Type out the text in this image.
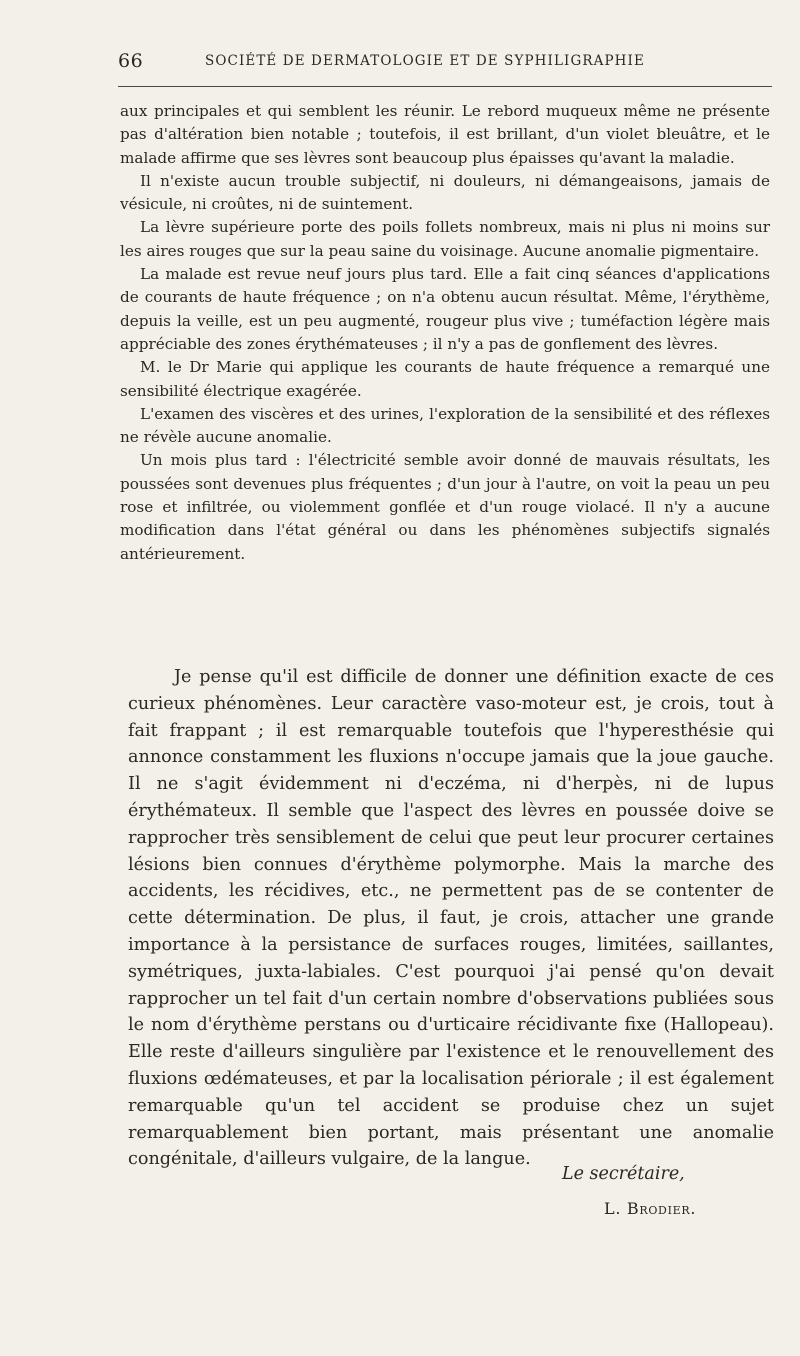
66	SOCIÉTÉ DE DERMATOLOGIE ET DE SYPHILIGRAPHIE

aux principales et qui semblent les réunir. Le rebord muqueux même ne présente pas d'altération bien notable ; toutefois, il est brillant, d'un violet bleuâtre, et le malade affirme que ses lèvres sont beaucoup plus épaisses qu'avant la maladie.

Il n'existe aucun trouble subjectif, ni douleurs, ni démangeaisons, jamais de vésicule, ni croûtes, ni de suintement.

La lèvre supérieure porte des poils follets nombreux, mais ni plus ni moins sur les aires rouges que sur la peau saine du voisinage. Aucune anomalie pigmentaire.

La malade est revue neuf jours plus tard. Elle a fait cinq séances d'applications de courants de haute fréquence ; on n'a obtenu aucun résultat. Même, l'érythème, depuis la veille, est un peu augmenté, rougeur plus vive ; tuméfaction légère mais appréciable des zones érythémateuses ; il n'y a pas de gonflement des lèvres.

M. le Dr Marie qui applique les courants de haute fréquence a remarqué une sensibilité électrique exagérée.

L'examen des viscères et des urines, l'exploration de la sensibilité et des réflexes ne révèle aucune anomalie.

Un mois plus tard : l'électricité semble avoir donné de mauvais résultats, les poussées sont devenues plus fréquentes ; d'un jour à l'autre, on voit la peau un peu rose et infiltrée, ou violemment gonflée et d'un rouge violacé. Il n'y a aucune modification dans l'état général ou dans les phénomènes subjectifs signalés antérieurement.

Je pense qu'il est difficile de donner une définition exacte de ces curieux phénomènes. Leur caractère vaso-moteur est, je crois, tout à fait frappant ; il est remarquable toutefois que l'hyperesthésie qui annonce constamment les fluxions n'occupe jamais que la joue gauche. Il ne s'agit évidemment ni d'eczéma, ni d'herpès, ni de lupus érythémateux. Il semble que l'aspect des lèvres en poussée doive se rapprocher très sensiblement de celui que peut leur procurer certaines lésions bien connues d'érythème polymorphe. Mais la marche des accidents, les récidives, etc., ne permettent pas de se contenter de cette détermination. De plus, il faut, je crois, attacher une grande importance à la persistance de surfaces rouges, limitées, saillantes, symétriques, juxta-labiales. C'est pourquoi j'ai pensé qu'on devait rapprocher un tel fait d'un certain nombre d'observations publiées sous le nom d'érythème perstans ou d'urticaire récidivante fixe (Hallopeau). Elle reste d'ailleurs singulière par l'existence et le renouvellement des fluxions œdémateuses, et par la localisation périorale ; il est également remarquable qu'un tel accident se produise chez un sujet remarquablement bien portant, mais présentant une anomalie congénitale, d'ailleurs vulgaire, de la langue.

Le secrétaire,
L. Brodier.
